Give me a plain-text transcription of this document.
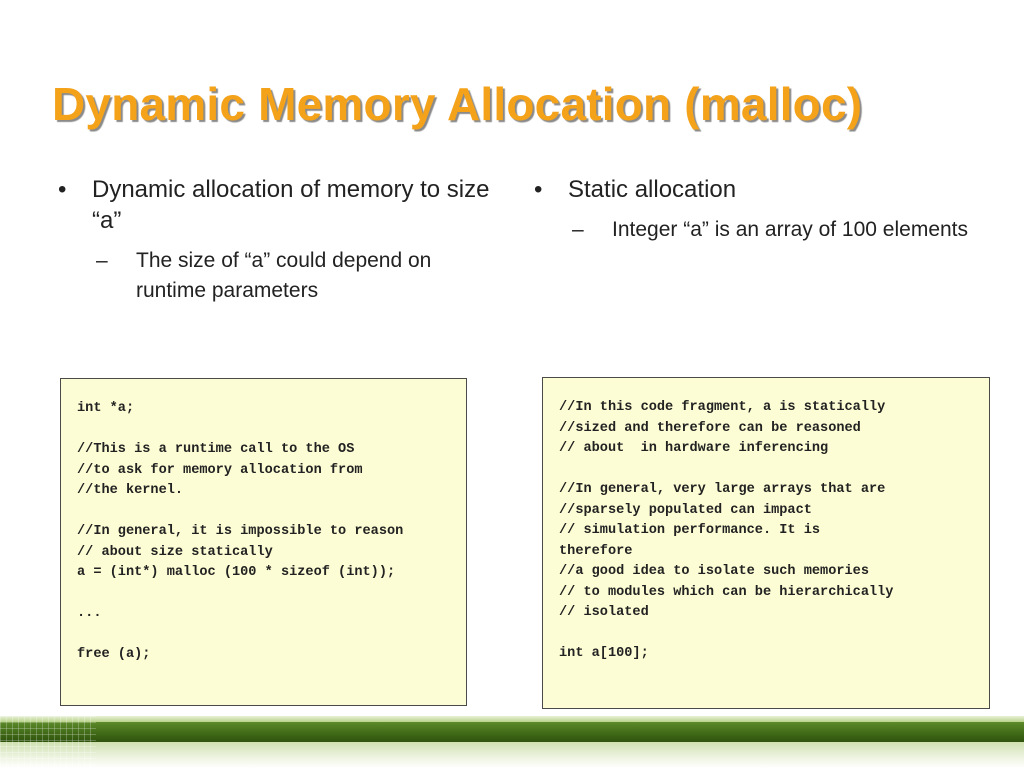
Dynamic Memory Allocation (malloc)
• Dynamic allocation of memory to size “a”
– The size of “a” could depend on runtime parameters
• Static allocation
– Integer “a” is an array of 100 elements
int *a;

//This is a runtime call to the OS
//to ask for memory allocation from
//the kernel.

//In general, it is impossible to reason
// about size statically
a = (int*) malloc (100 * sizeof (int));

...

free (a);
//In this code fragment, a is statically
//sized and therefore can be reasoned
// about  in hardware inferencing

//In general, very large arrays that are
//sparsely populated can impact
// simulation performance. It is
therefore
//a good idea to isolate such memories
// to modules which can be hierarchically
// isolated

int a[100];
